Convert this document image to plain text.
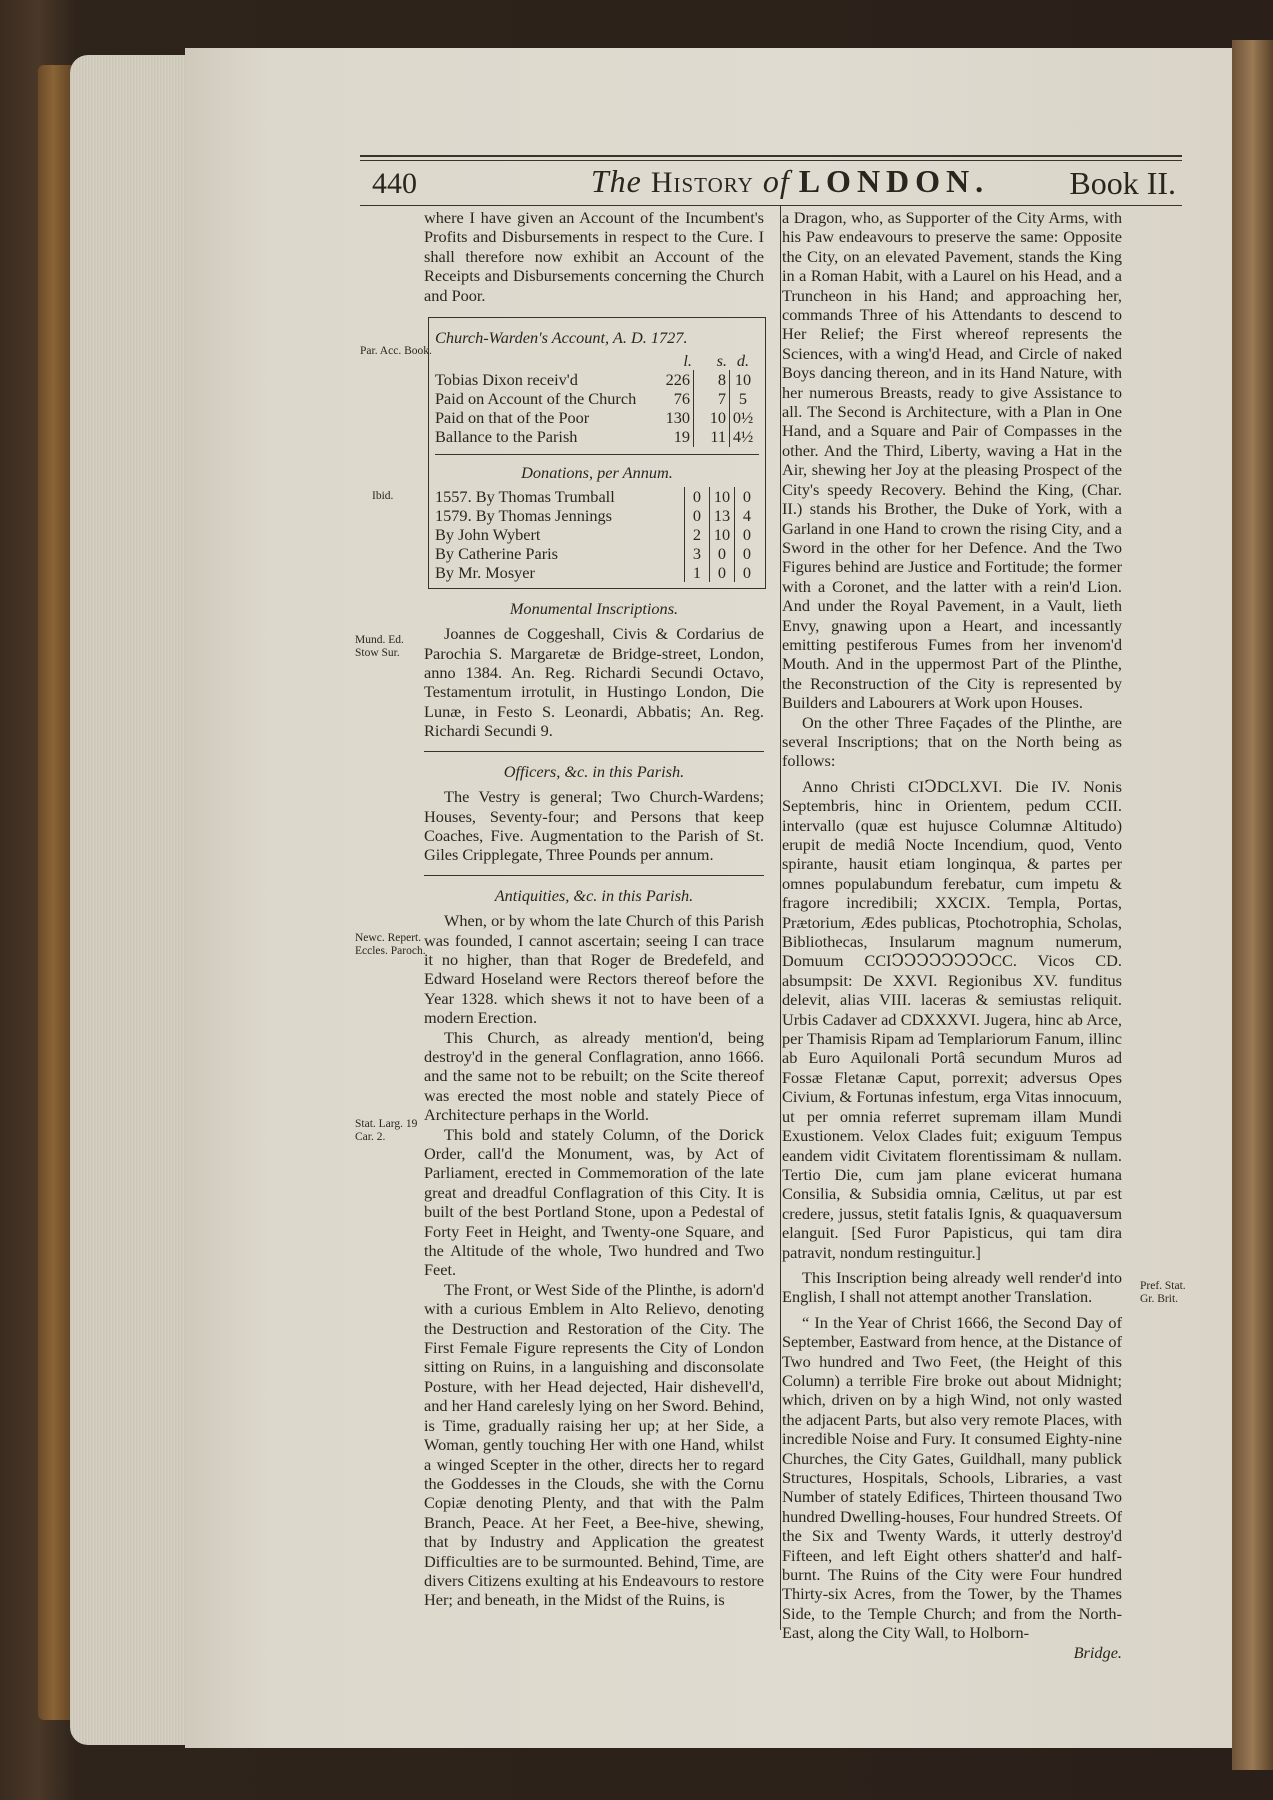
440	The History of LONDON.	Book II.
Par. Acc. Book.
Ibid.
Mund. Ed. Stow Sur.
Newc. Repert. Eccles. Paroch.
Stat. Larg. 19 Car. 2.
Pref. Stat. Gr. Brit.

where I have given an Account of the Incumbent's Profits and Disbursements in respect to the Cure. I shall therefore now exhibit an Account of the Receipts and Disbursements concerning the Church and Poor.

Church-Warden's Account, A. D. 1727.
l.	s. d.
Tobias Dixon receiv'd	226	8 10
Paid on Account of the Church	76	7 5
Paid on that of the Poor	130	10 0½
Ballance to the Parish	19	11 4½
Donations, per Annum.
1557. By Thomas Trumball	0 10 0
1579. By Thomas Jennings	0 13 4
By John Wybert	2 10 0
By Catherine Paris	3	0	0
By Mr. Mosyer	1	0	0
Monumental Inscriptions.

Joannes de Coggeshall, Civis & Cordarius de Parochia S. Margaretæ de Bridge-street, London, anno 1384. An. Reg. Richardi Secundi Octavo, Testamentum irrotulit, in Hustingo London, Die Lunæ, in Festo S. Leonardi, Abbatis; An. Reg. Richardi Secundi 9.

Officers, &c. in this Parish.

The Vestry is general; Two Church-Wardens; Houses, Seventy-four; and Persons that keep Coaches, Five. Augmentation to the Parish of St. Giles Cripplegate, Three Pounds per annum.

Antiquities, &c. in this Parish.

When, or by whom the late Church of this Parish was founded, I cannot ascertain; seeing I can trace it no higher, than that Roger de Bredefeld, and Edward Hoseland were Rectors thereof before the Year 1328. which shews it not to have been of a modern Erection.

This Church, as already mention'd, being destroy'd in the general Conflagration, anno 1666. and the same not to be rebuilt; on the Scite thereof was erected the most noble and stately Piece of Architecture perhaps in the World.

This bold and stately Column, of the Dorick Order, call'd the Monument, was, by Act of Parliament, erected in Commemoration of the late great and dreadful Conflagration of this City. It is built of the best Portland Stone, upon a Pedestal of Forty Feet in Height, and Twenty-one Square, and the Altitude of the whole, Two hundred and Two Feet.

The Front, or West Side of the Plinthe, is adorn'd with a curious Emblem in Alto Relievo, denoting the Destruction and Restoration of the City. The First Female Figure represents the City of London sitting on Ruins, in a languishing and disconsolate Posture, with her Head dejected, Hair dishevell'd, and her Hand carelesly lying on her Sword. Behind, is Time, gradually raising her up; at her Side, a Woman, gently touching Her with one Hand, whilst a winged Scepter in the other, directs her to regard the Goddesses in the Clouds, she with the Cornu Copiæ denoting Plenty, and that with the Palm Branch, Peace. At her Feet, a Bee-hive, shewing, that by Industry and Application the greatest Difficulties are to be surmounted. Behind, Time, are divers Citizens exulting at his Endeavours to restore Her; and beneath, in the Midst of the Ruins, is

a Dragon, who, as Supporter of the City Arms, with his Paw endeavours to preserve the same: Opposite the City, on an elevated Pavement, stands the King in a Roman Habit, with a Laurel on his Head, and a Truncheon in his Hand; and approaching her, commands Three of his Attendants to descend to Her Relief; the First whereof represents the Sciences, with a wing'd Head, and Circle of naked Boys dancing thereon, and in its Hand Nature, with her numerous Breasts, ready to give Assistance to all. The Second is Architecture, with a Plan in One Hand, and a Square and Pair of Compasses in the other. And the Third, Liberty, waving a Hat in the Air, shewing her Joy at the pleasing Prospect of the City's speedy Recovery. Behind the King, (Char. II.) stands his Brother, the Duke of York, with a Garland in one Hand to crown the rising City, and a Sword in the other for her Defence. And the Two Figures behind are Justice and Fortitude; the former with a Coronet, and the latter with a rein'd Lion. And under the Royal Pavement, in a Vault, lieth Envy, gnawing upon a Heart, and incessantly emitting pestiferous Fumes from her invenom'd Mouth. And in the uppermost Part of the Plinthe, the Reconstruction of the City is represented by Builders and Labourers at Work upon Houses.

On the other Three Façades of the Plinthe, are several Inscriptions; that on the North being as follows:

Anno Christi CIↃDCLXVI. Die IV. Nonis Septembris, hinc in Orientem, pedum CCII. intervallo (quæ est hujusce Columnæ Altitudo) erupit de mediâ Nocte Incendium, quod, Vento spirante, hausit etiam longinqua, & partes per omnes populabundum ferebatur, cum impetu & fragore incredibili; XXCIX. Templa, Portas, Prætorium, Ædes publicas, Ptochotrophia, Scholas, Bibliothecas, Insularum magnum numerum, Domuum CCIↃↃↃↃↃↃↃↃCC. Vicos CD. absumpsit: De XXVI. Regionibus XV. funditus delevit, alias VIII. laceras & semiustas reliquit. Urbis Cadaver ad CDXXXVI. Jugera, hinc ab Arce, per Thamisis Ripam ad Templariorum Fanum, illinc ab Euro Aquilonali Portâ secundum Muros ad Fossæ Fletanæ Caput, porrexit; adversus Opes Civium, & Fortunas infestum, erga Vitas innocuum, ut per omnia referret supremam illam Mundi Exustionem. Velox Clades fuit; exiguum Tempus eandem vidit Civitatem florentissimam & nullam. Tertio Die, cum jam plane evicerat humana Consilia, & Subsidia omnia, Cælitus, ut par est credere, jussus, stetit fatalis Ignis, & quaquaversum elanguit. [Sed Furor Papisticus, qui tam dira patravit, nondum restinguitur.]

This Inscription being already well render'd into English, I shall not attempt another Translation.

“ In the Year of Christ 1666, the Second Day of September, Eastward from hence, at the Distance of Two hundred and Two Feet, (the Height of this Column) a terrible Fire broke out about Midnight; which, driven on by a high Wind, not only wasted the adjacent Parts, but also very remote Places, with incredible Noise and Fury. It consumed Eighty-nine Churches, the City Gates, Guildhall, many publick Structures, Hospitals, Schools, Libraries, a vast Number of stately Edifices, Thirteen thousand Two hundred Dwelling-houses, Four hundred Streets. Of the Six and Twenty Wards, it utterly destroy'd Fifteen, and left Eight others shatter'd and half-burnt. The Ruins of the City were Four hundred Thirty-six Acres, from the Tower, by the Thames Side, to the Temple Church; and from the North-East, along the City Wall, to Holborn-

Bridge.
